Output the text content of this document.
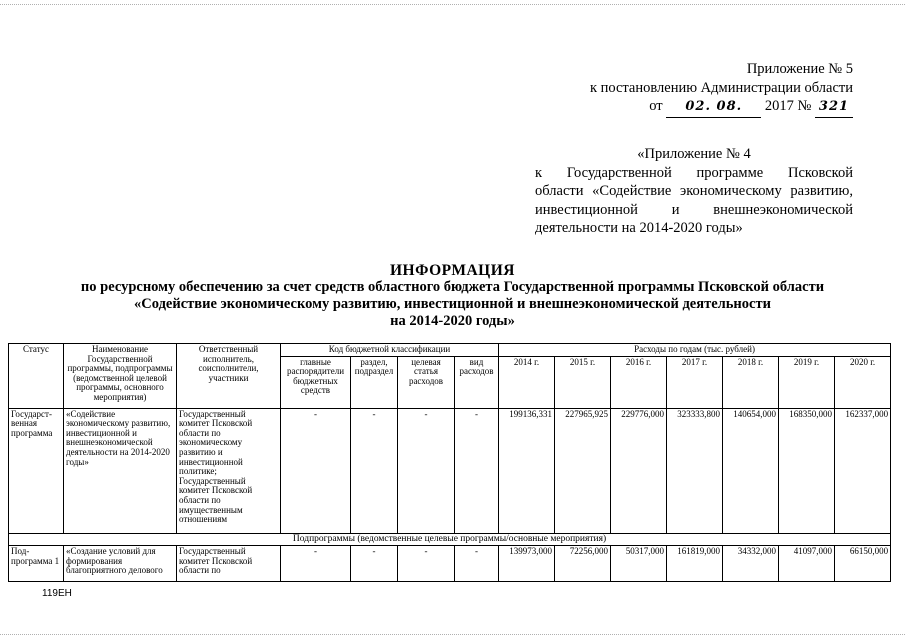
Приложение № 5
к постановлению Администрации области
от 02. 08. 2017 № 321
«Приложение № 4
к Государственной программе Псковской
области «Содействие экономическому развитию,
инвестиционной и внешнеэкономической
деятельности на 2014-2020 годы»
ИНФОРМАЦИЯ
по ресурсному обеспечению за счет средств областного бюджета Государственной программы Псковской области
«Содействие экономическому развитию, инвестиционной и внешнеэкономической деятельности
на 2014-2020 годы»
Статус	Наименование Государственной программы, подпрограммы (ведомственной целевой программы, основного мероприятия)	Ответственный исполнитель, соисполнители, участники	Код бюджетной классификации				Расходы по годам (тыс. рублей)						
			главные распорядители бюджетных средств	раздел, подраздел	целевая статья расходов	вид расходов	2014 г.	2015 г.	2016 г.	2017 г.	2018 г.	2019 г.	2020 г.
Государст-венная программа	«Содействие экономическому развитию, инвестиционной и внешнеэкономической деятельности на 2014-2020 годы»	Государственный комитет Псковской области по экономическому развитию и инвестиционной политике; Государственный комитет Псковской области по имущественным отношениям	-	-	-	-	199136,331	227965,925	229776,000	323333,800	140654,000	168350,000	162337,000
Подпрограммы (ведомственные целевые программы/основные мероприятия)													
Под-программа 1	«Создание условий для формирования благоприятного делового	Государственный комитет Псковской области по	-	-	-	-	139973,000	72256,000	50317,000	161819,000	34332,000	41097,000	66150,000
119ЕН
